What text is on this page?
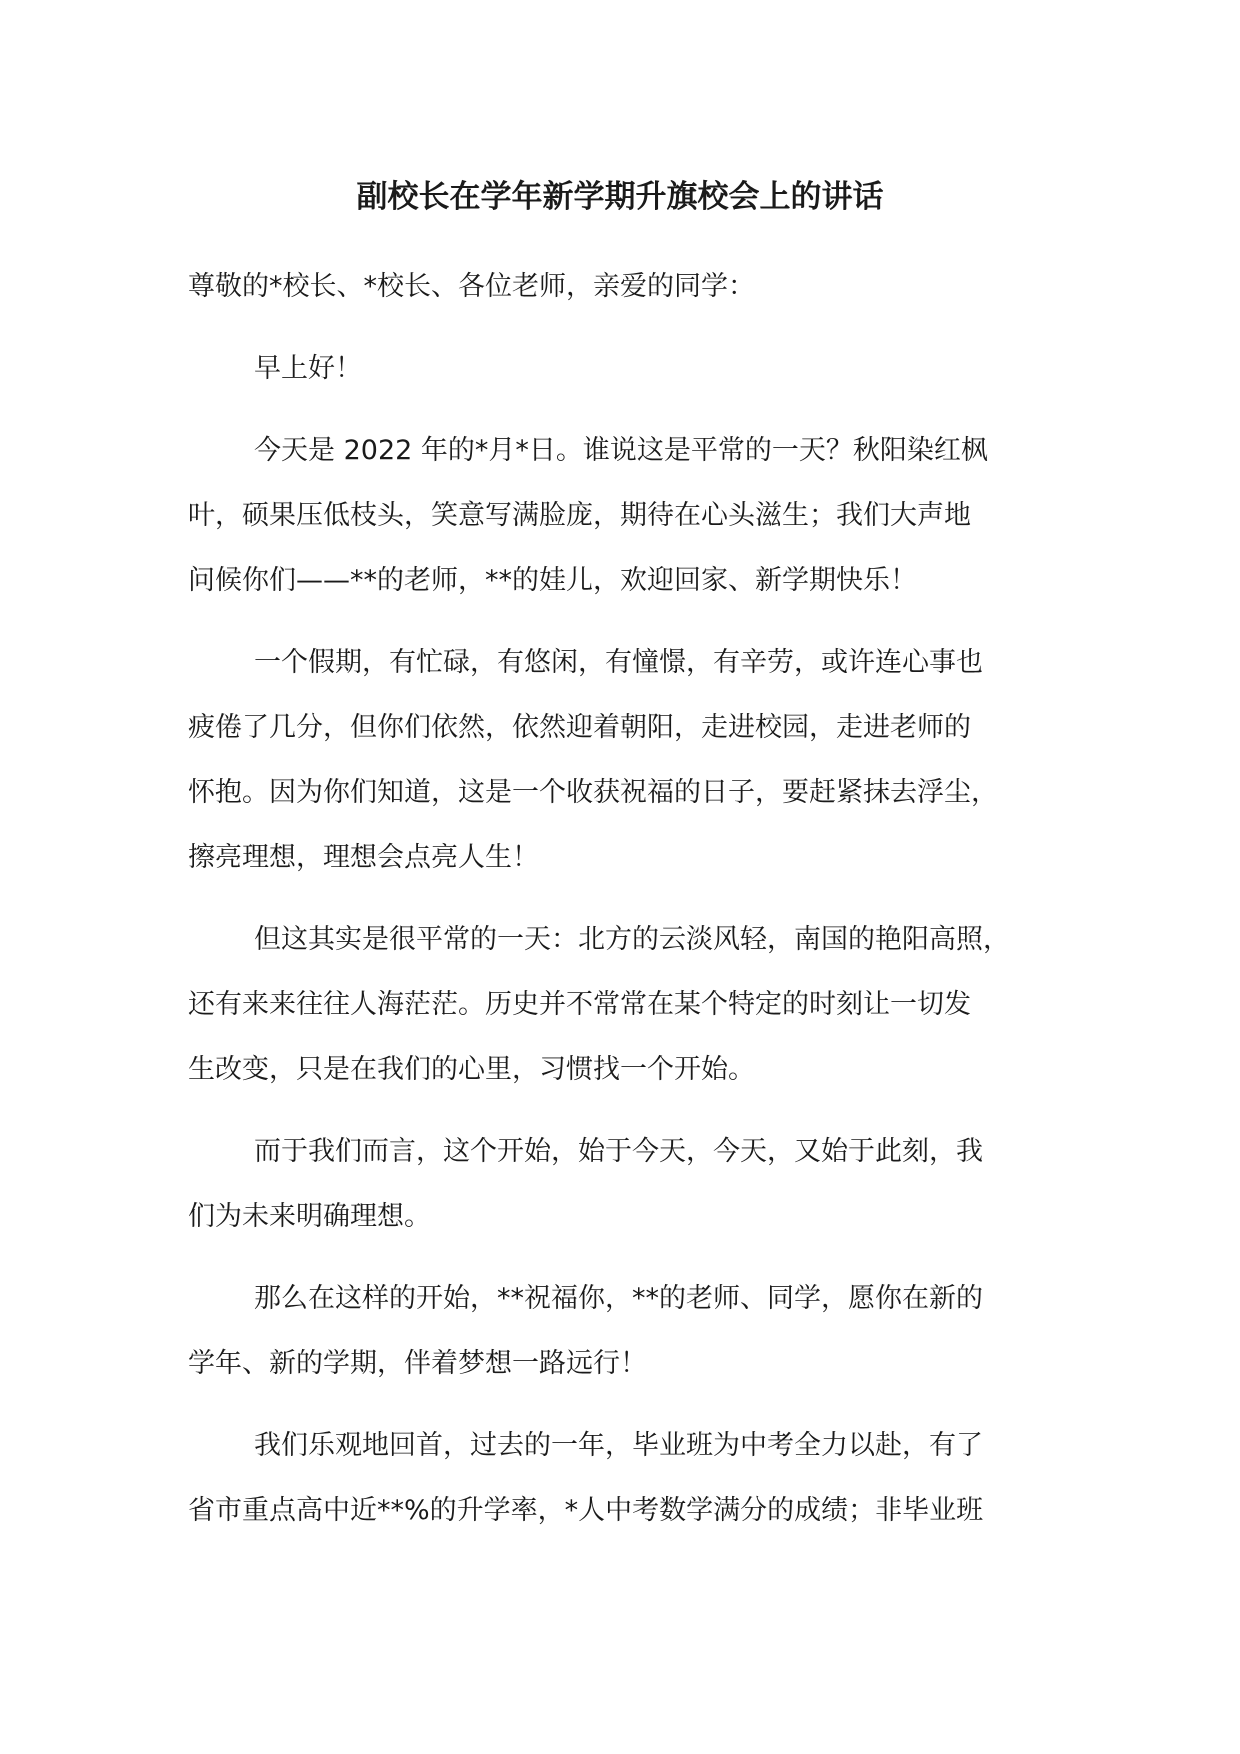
副校长在学年新学期升旗校会上的讲话
尊敬的*校长、*校长、各位老师，亲爱的同学：
早上好！
今天是 2022 年的*月*日。谁说这是平常的一天？秋阳染红枫
叶，硕果压低枝头，笑意写满脸庞，期待在心头滋生；我们大声地
问候你们——**的老师，**的娃儿，欢迎回家、新学期快乐！
一个假期，有忙碌，有悠闲，有憧憬，有辛劳，或许连心事也
疲倦了几分，但你们依然，依然迎着朝阳，走进校园，走进老师的
怀抱。因为你们知道，这是一个收获祝福的日子，要赶紧抹去浮尘，
擦亮理想，理想会点亮人生！
但这其实是很平常的一天：北方的云淡风轻，南国的艳阳高照，
还有来来往往人海茫茫。历史并不常常在某个特定的时刻让一切发
生改变，只是在我们的心里，习惯找一个开始。
而于我们而言，这个开始，始于今天，今天，又始于此刻，我
们为未来明确理想。
那么在这样的开始，**祝福你，**的老师、同学，愿你在新的
学年、新的学期，伴着梦想一路远行！
我们乐观地回首，过去的一年，毕业班为中考全力以赴，有了
省市重点高中近**%的升学率，*人中考数学满分的成绩；非毕业班
